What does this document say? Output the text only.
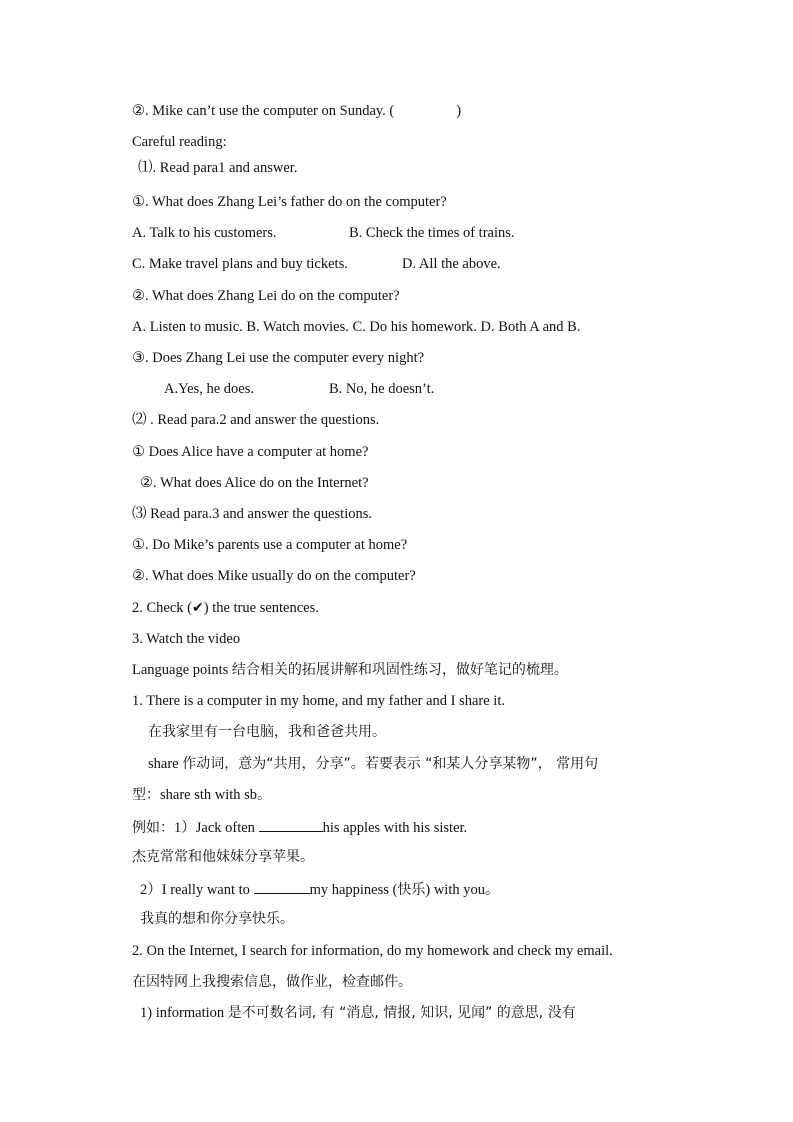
②. Mike can’t use the computer on Sunday. (	)
Careful reading:
⑴. Read para1 and answer.
①. What does Zhang Lei’s father do on the computer?
A. Talk to his customers.	B. Check the times of trains.
C. Make travel plans and buy tickets.	D. All the above.
②. What does Zhang Lei do on the computer?
A. Listen to music. B. Watch movies. C. Do his homework. D. Both A and B.
③. Does Zhang Lei use the computer every night?
A.Yes, he does.	B. No, he doesn’t.
⑵ . Read para.2 and answer the questions.
① Does Alice have a computer at home?
②. What does Alice do on the Internet?
⑶ Read para.3 and answer the questions.
①. Do Mike’s parents use a computer at home?
②. What does Mike usually do on the computer?
2. Check (✔) the true sentences.
3. Watch the video
Language points 结合相关的拓展讲解和巩固性练习，做好笔记的梳理。
1. There is a computer in my home, and my father and I share it.
在我家里有一台电脑，我和爸爸共用。
share 作动词，意为“共用，分享”。若要表示 “和某人分享某物”， 常用句
型：share sth with sb。
例如：1）Jack often	his apples with his sister.
杰克常常和他妹妹分享苹果。
2）I really want to	my happiness (快乐) with you。
我真的想和你分享快乐。
2. On the Internet, I search for information, do my homework and check my email.
在因特网上我搜索信息，做作业，检查邮件。
1) information 是不可数名词, 有 “消息, 情报, 知识, 见闻” 的意思, 没有
